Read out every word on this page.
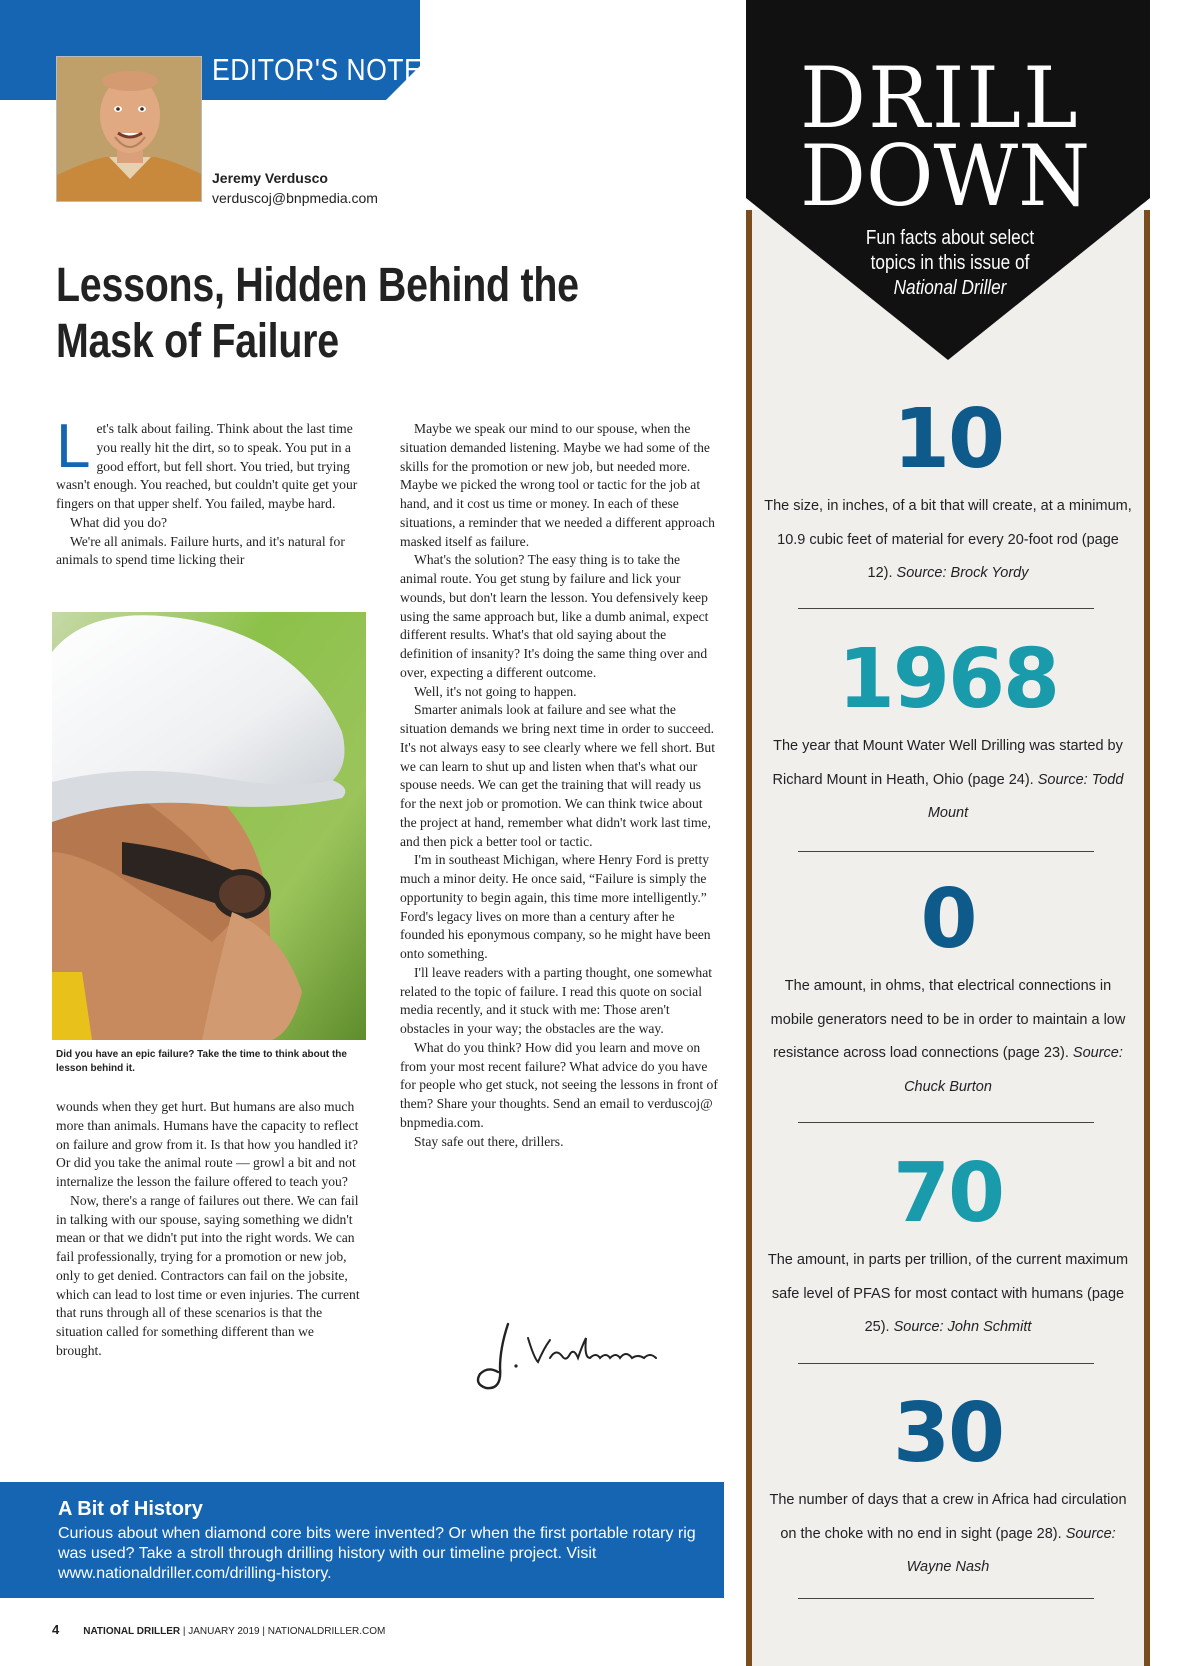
EDITOR'S NOTES
Jeremy Verdusco
verduscoj@bnpmedia.com
Lessons, Hidden Behind the Mask of Failure

Let's talk about failing. Think about the last time you really hit the dirt, so to speak. You put in a good effort, but fell short. You tried, but trying wasn't enough. You reached, but couldn't quite get your fingers on that upper shelf. You failed, maybe hard.

What did you do?

We're all animals. Failure hurts, and it's natural for animals to spend time licking their

Did you have an epic failure? Take the time to think about the lesson behind it.

wounds when they get hurt. But humans are also much more than animals. Humans have the capacity to reflect on failure and grow from it. Is that how you handled it? Or did you take the animal route — growl a bit and not internalize the lesson the failure offered to teach you?

Now, there's a range of failures out there. We can fail in talking with our spouse, saying something we didn't mean or that we didn't put into the right words. We can fail professionally, trying for a promotion or new job, only to get denied. Contractors can fail on the jobsite, which can lead to lost time or even injuries. The current that runs through all of these scenarios is that the situation called for something different than we brought.

Maybe we speak our mind to our spouse, when the situation demanded listening. Maybe we had some of the skills for the promotion or new job, but needed more. Maybe we picked the wrong tool or tactic for the job at hand, and it cost us time or money. In each of these situations, a reminder that we needed a different approach masked itself as failure.

What's the solution? The easy thing is to take the animal route. You get stung by failure and lick your wounds, but don't learn the lesson. You defensively keep using the same approach but, like a dumb animal, expect different results. What's that old saying about the definition of insanity? It's doing the same thing over and over, expecting a different outcome.

Well, it's not going to happen.

Smarter animals look at failure and see what the situation demands we bring next time in order to succeed. It's not always easy to see clearly where we fell short. But we can learn to shut up and listen when that's what our spouse needs. We can get the training that will ready us for the next job or promotion. We can think twice about the project at hand, remember what didn't work last time, and then pick a better tool or tactic.

I'm in southeast Michigan, where Henry Ford is pretty much a minor deity. He once said, “Failure is simply the opportunity to begin again, this time more intelligently.” Ford's legacy lives on more than a century after he founded his eponymous company, so he might have been onto something.

I'll leave readers with a parting thought, one somewhat related to the topic of failure. I read this quote on social media recently, and it stuck with me: Those aren't obstacles in your way; the obstacles are the way.

What do you think? How did you learn and move on from your most recent failure? What advice do you have for people who get stuck, not seeing the lessons in front of them? Share your thoughts. Send an email to verduscoj@ bnpmedia.com.

Stay safe out there, drillers.

A Bit of History
Curious about when diamond core bits were invented? Or when the first portable rotary rig was used? Take a stroll through drilling history with our timeline project. Visit www.nationaldriller.com/drilling-history.
4 NATIONAL DRILLER | JANUARY 2019 | NATIONALDRILLER.COM
DRILL
DOWN
Fun facts about select topics in this issue of
National Driller
10
The size, in inches, of a bit that will create, at a minimum, 10.9 cubic feet of material for every 20-foot rod (page 12). Source: Brock Yordy
1968
The year that Mount Water Well Drilling was started by Richard Mount in Heath, Ohio (page 24). Source: Todd Mount
0
The amount, in ohms, that electrical connections in mobile generators need to be in order to maintain a low resistance across load connections (page 23). Source: Chuck Burton
70
The amount, in parts per trillion, of the current maximum safe level of PFAS for most contact with humans (page 25). Source: John Schmitt
30
The number of days that a crew in Africa had circulation on the choke with no end in sight (page 28). Source: Wayne Nash
